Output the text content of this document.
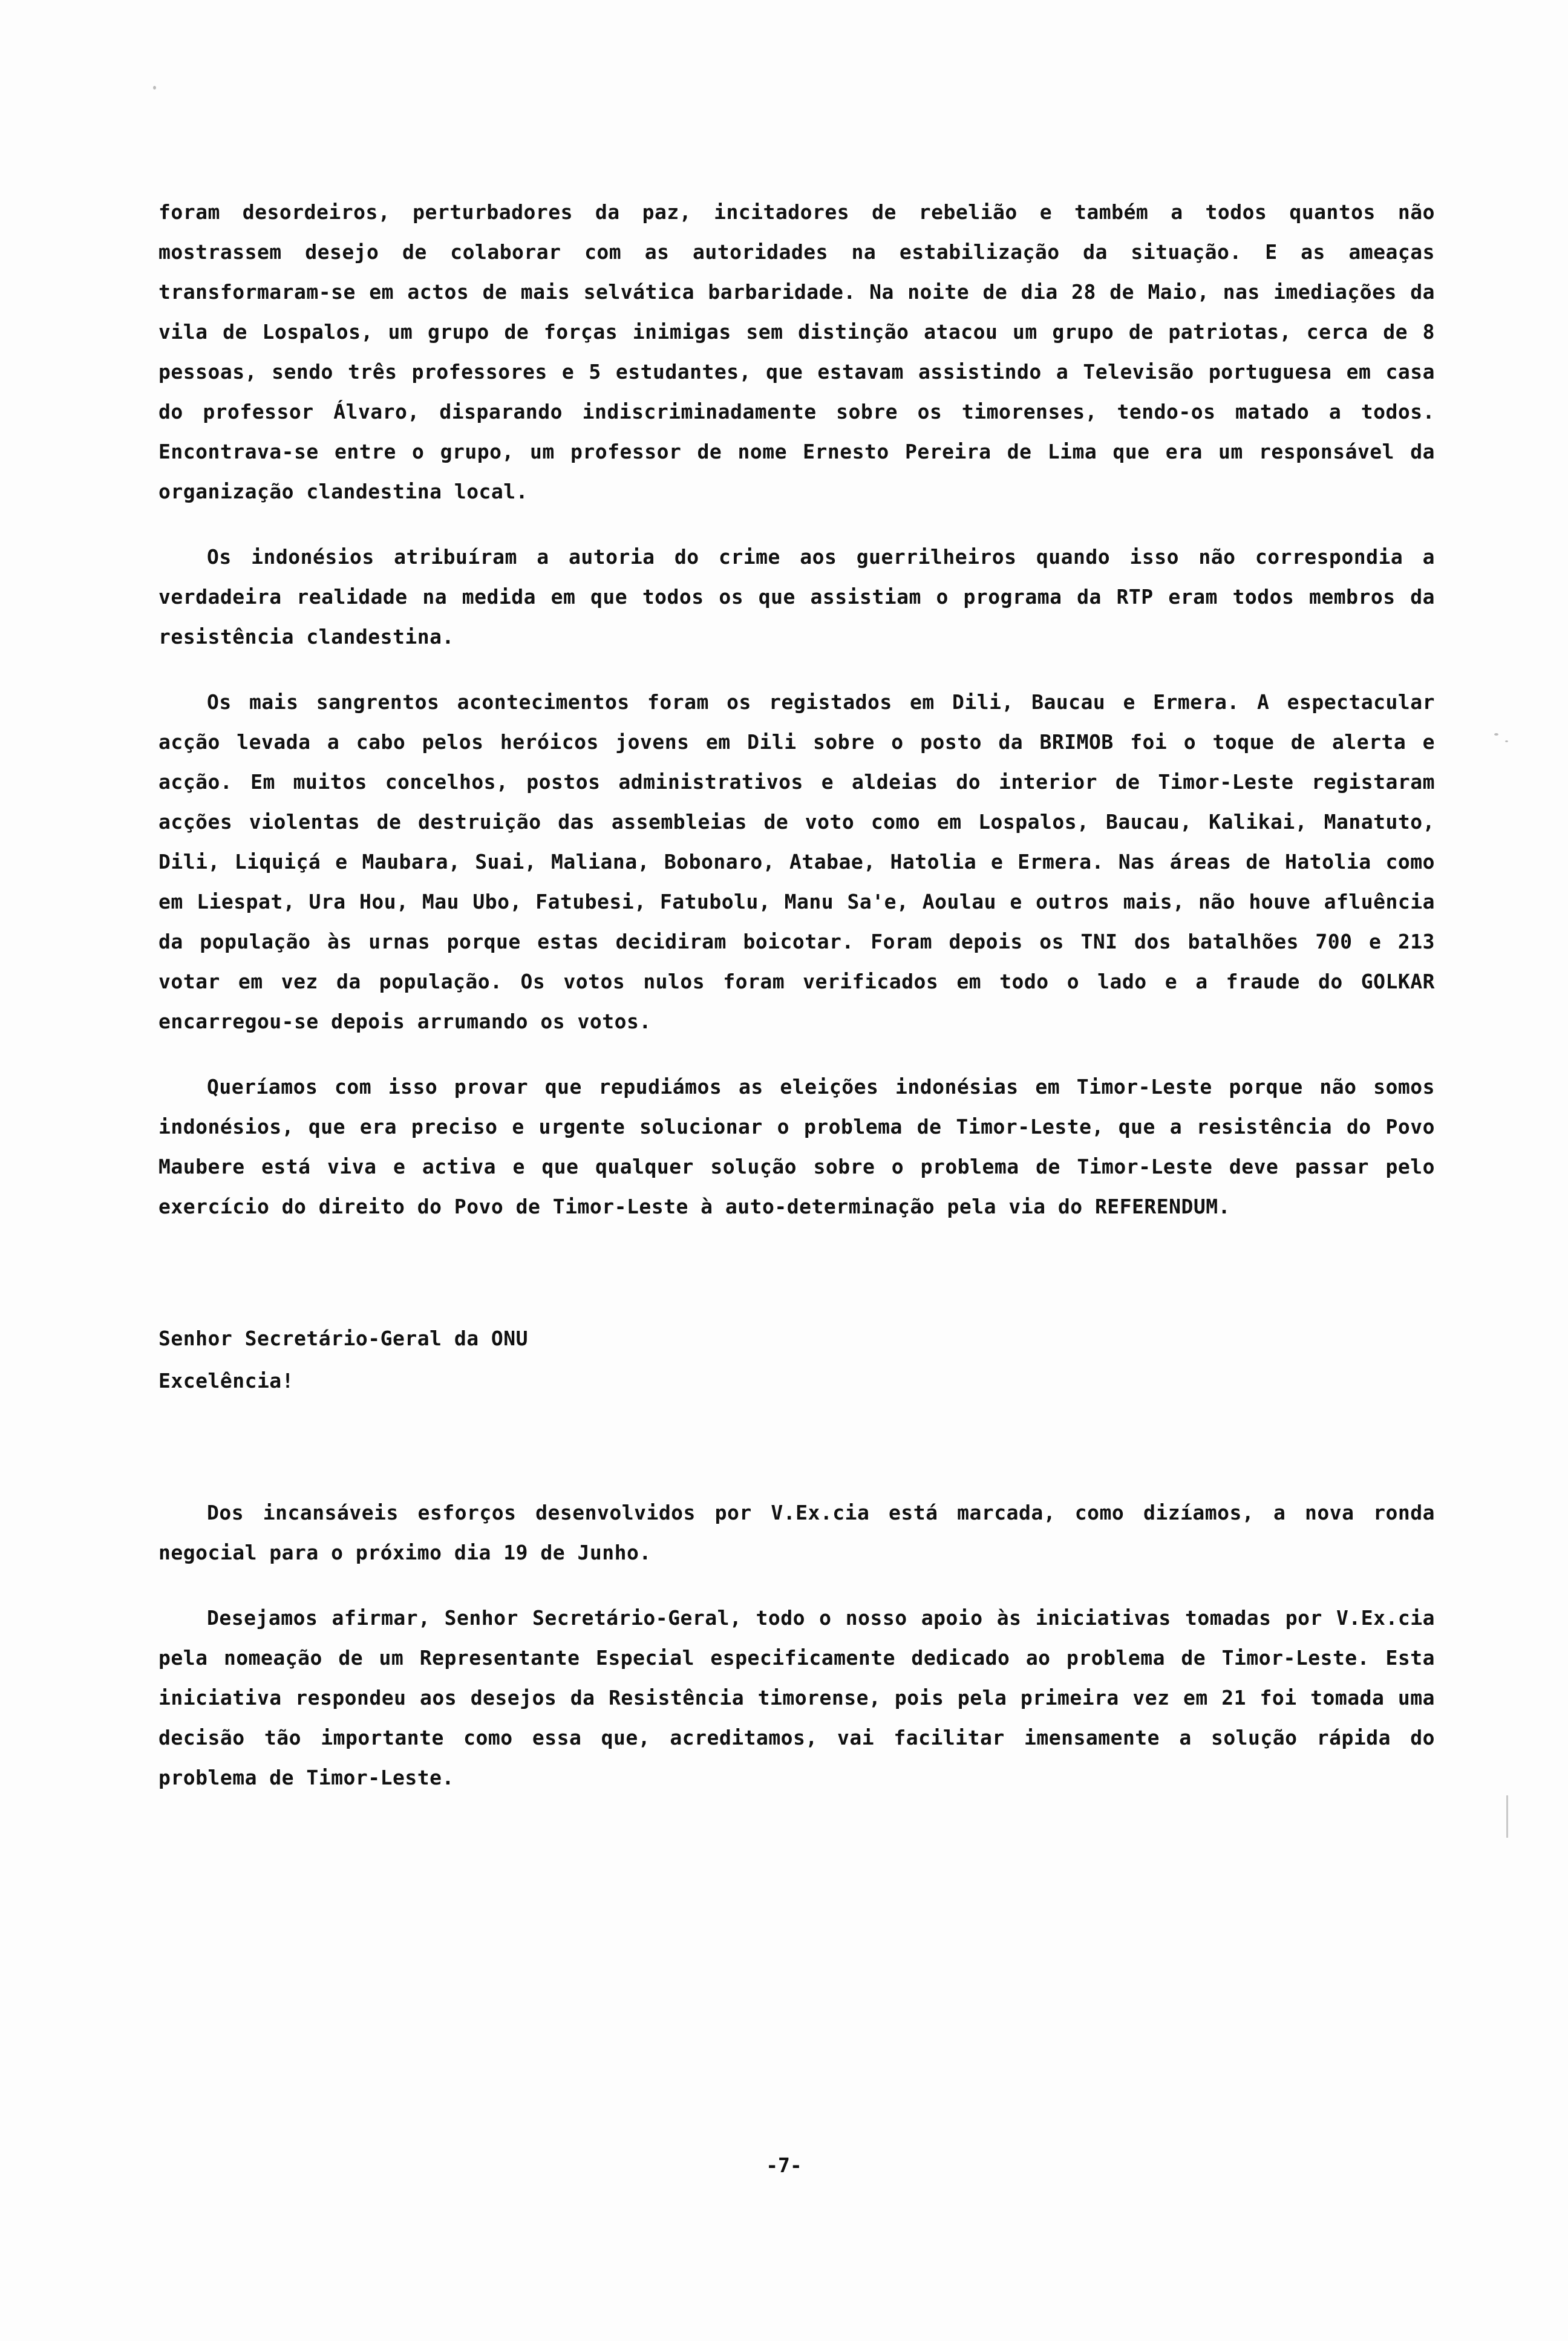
foram desordeiros, perturbadores da paz, incitadores de rebelião e também a todos quantos não mostrassem desejo de colaborar com as autoridades na estabilização da situação. E as ameaças transformaram-se em actos de mais selvática barbaridade. Na noite de dia 28 de Maio, nas imediações da vila de Lospalos, um grupo de forças inimigas sem distinção atacou um grupo de patriotas, cerca de 8 pessoas, sendo três professores e 5 estudantes, que estavam assistindo a Televisão portuguesa em casa do professor Álvaro, disparando indiscriminadamente sobre os timorenses, tendo-os matado a todos. Encontrava-se entre o grupo, um professor de nome Ernesto Pereira de Lima que era um responsável da organização clandestina local.

Os indonésios atribuíram a autoria do crime aos guerrilheiros quando isso não correspondia a verdadeira realidade na medida em que todos os que assistiam o programa da RTP eram todos membros da resistência clandestina.

Os mais sangrentos acontecimentos foram os registados em Dili, Baucau e Ermera. A espectacular acção levada a cabo pelos heróicos jovens em Dili sobre o posto da BRIMOB foi o toque de alerta e acção. Em muitos concelhos, postos administrativos e aldeias do interior de Timor-Leste registaram acções violentas de destruição das assembleias de voto como em Lospalos, Baucau, Kalikai, Manatuto, Dili, Liquiçá e Maubara, Suai, Maliana, Bobonaro, Atabae, Hatolia e Ermera. Nas áreas de Hatolia como em Liespat, Ura Hou, Mau Ubo, Fatubesi, Fatubolu, Manu Sa'e, Aoulau e outros mais, não houve afluência da população às urnas porque estas decidiram boicotar. Foram depois os TNI dos batalhões 700 e 213 votar em vez da população. Os votos nulos foram verificados em todo o lado e a fraude do GOLKAR encarregou-se depois arrumando os votos.

Queríamos com isso provar que repudiámos as eleições indonésias em Timor-Leste porque não somos indonésios, que era preciso e urgente solucionar o problema de Timor-Leste, que a resistência do Povo Maubere está viva e activa e que qualquer solução sobre o problema de Timor-Leste deve passar pelo exercício do direito do Povo de Timor-Leste à auto-determinação pela via do REFERENDUM.

Senhor Secretário-Geral da ONU

Excelência!

Dos incansáveis esforços desenvolvidos por V.Ex.cia está marcada, como dizíamos, a nova ronda negocial para o próximo dia 19 de Junho.

Desejamos afirmar, Senhor Secretário-Geral, todo o nosso apoio às iniciativas tomadas por V.Ex.cia pela nomeação de um Representante Especial especificamente dedicado ao problema de Timor-Leste. Esta iniciativa respondeu aos desejos da Resistência timorense, pois pela primeira vez em 21 foi tomada uma decisão tão importante como essa que, acreditamos, vai facilitar imensamente a solução rápida do problema de Timor-Leste.

-7-
